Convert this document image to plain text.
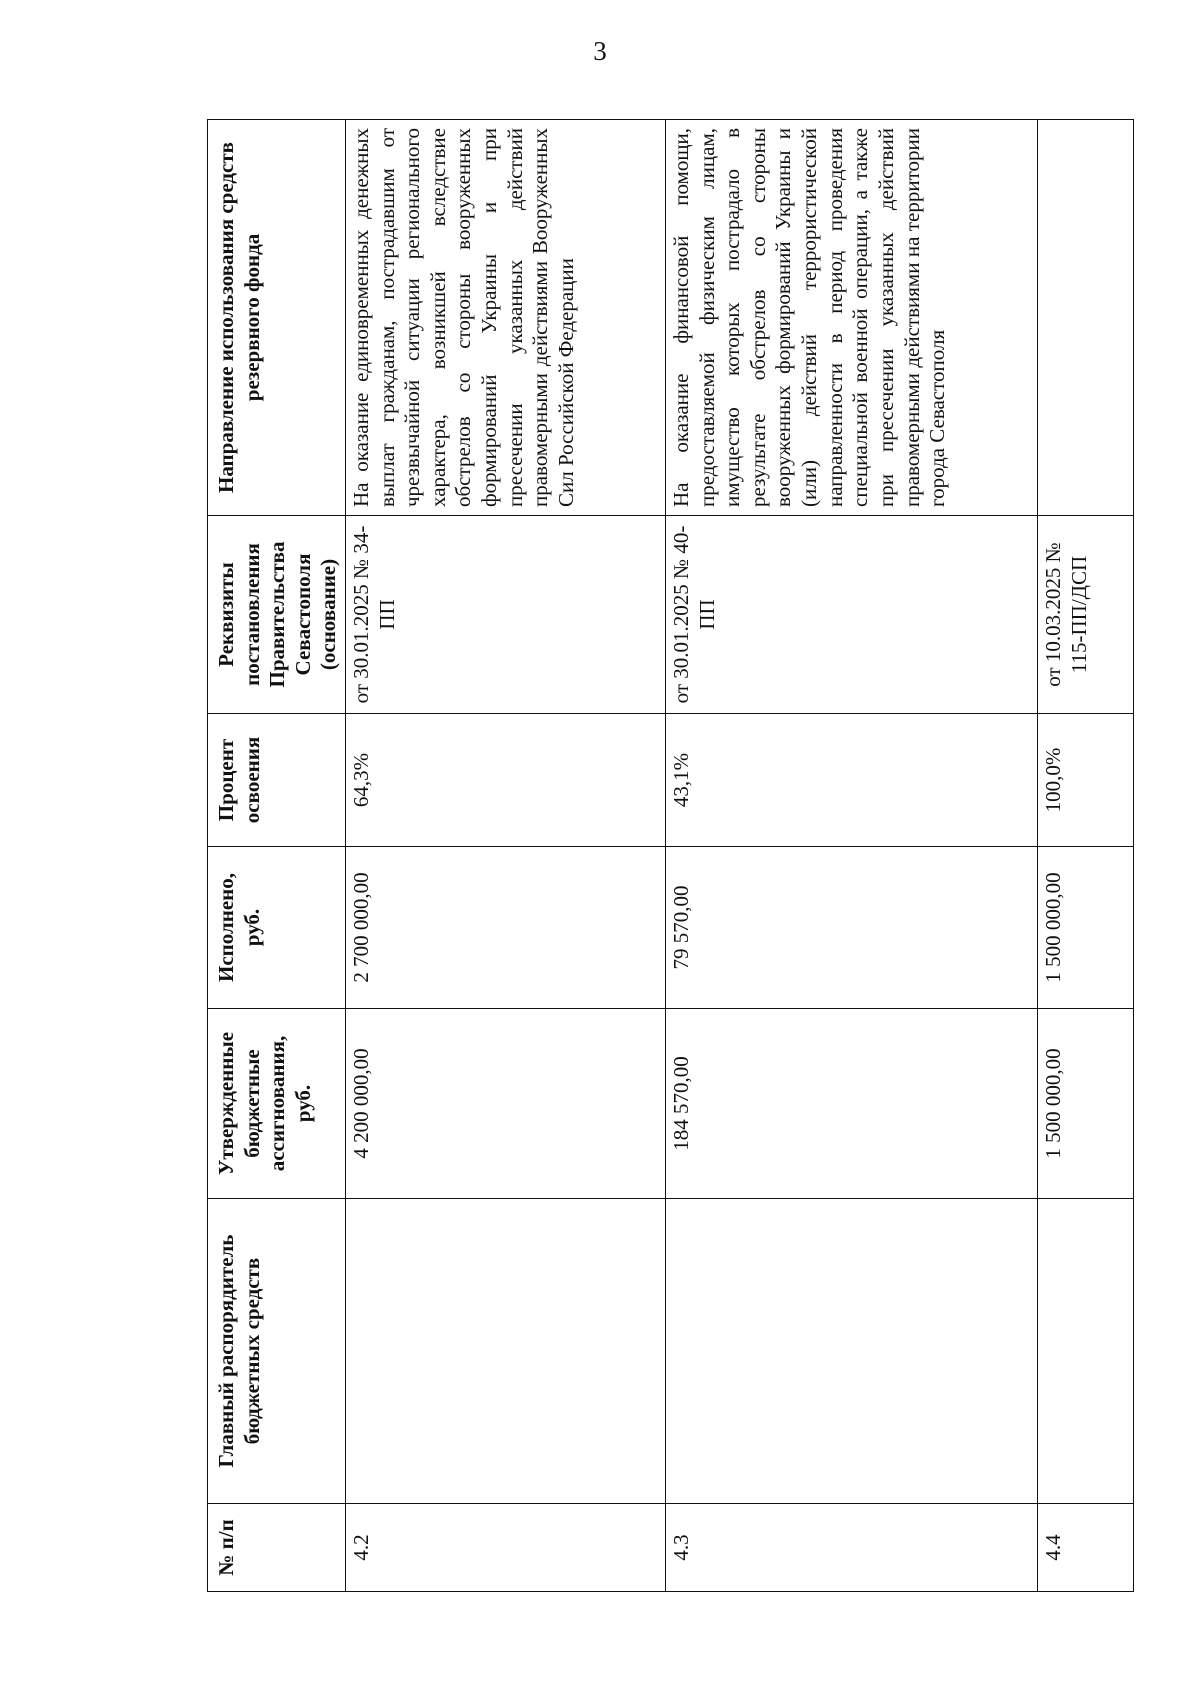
3
№ п/п	Главный распорядитель бюджетных средств	Утвержденные бюджетные ассигнования, руб.	Исполнено, руб.	Процент освоения	Реквизиты постановления Правительства Севастополя (основание)	Направление использования средств резервного фонда
4.2		4 200 000,00	2 700 000,00	64,3%	от 30.01.2025 № 34-ПП	На оказание единовременных денежных выплат гражданам, пострадавшим от чрезвычайной ситуации регионального характера, возникшей вследствие обстрелов со стороны вооруженных формирований Украины и при пресечении указанных действий правомерными действиями Вооруженных Сил Российской Федерации
4.3		184 570,00	79 570,00	43,1%	от 30.01.2025 № 40-ПП	На оказание финансовой помощи, предоставляемой физическим лицам, имущество которых пострадало в результате обстрелов со стороны вооруженных формирований Украины и (или) действий террористической направленности в период проведения специальной военной операции, а также при пресечении указанных действий правомерными действиями на территории города Севастополя
4.4		1 500 000,00	1 500 000,00	100,0%	от 10.03.2025 № 115-ПП/ДСП	
